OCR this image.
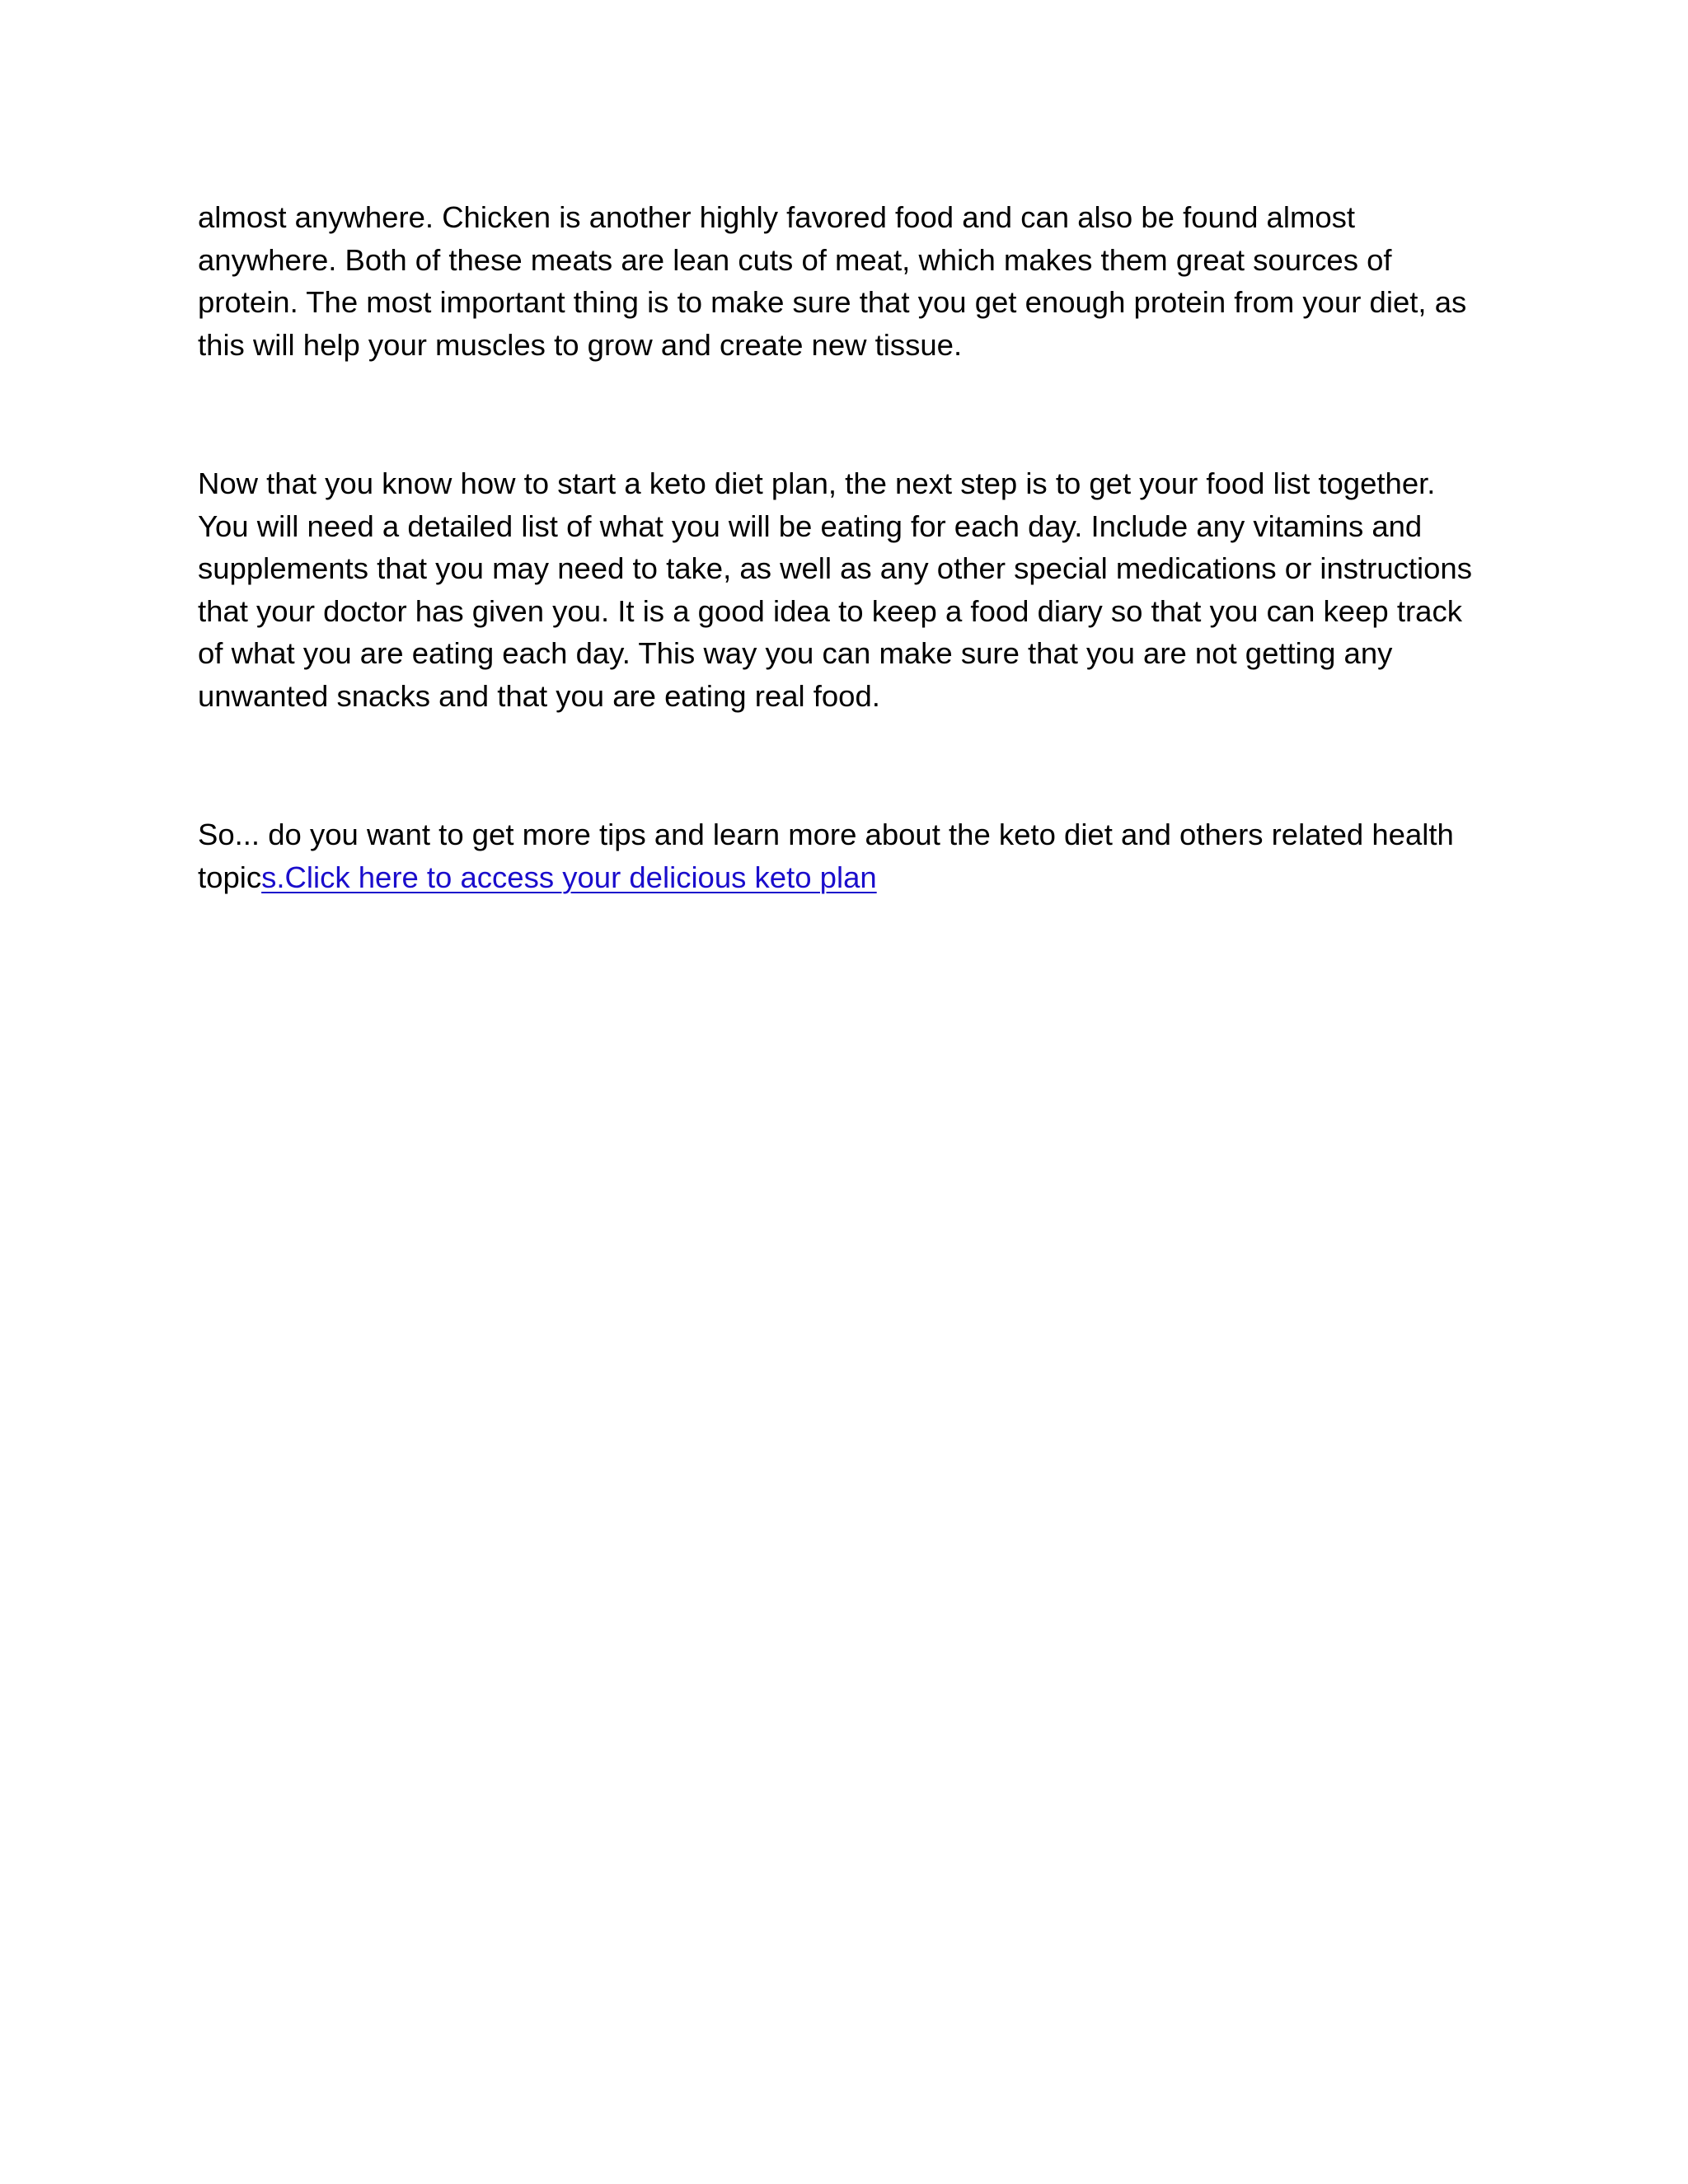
almost anywhere. Chicken is another highly favored food and can also be found almost
anywhere. Both of these meats are lean cuts of meat, which makes them great sources of
protein. The most important thing is to make sure that you get enough protein from your diet, as
this will help your muscles to grow and create new tissue.

Now that you know how to start a keto diet plan, the next step is to get your food list together.
You will need a detailed list of what you will be eating for each day. Include any vitamins and
supplements that you may need to take, as well as any other special medications or instructions
that your doctor has given you. It is a good idea to keep a food diary so that you can keep track
of what you are eating each day. This way you can make sure that you are not getting any
unwanted snacks and that you are eating real food.

So... do you want to get more tips and learn more about the keto diet and others related health
topics.Click here to access your delicious keto plan
